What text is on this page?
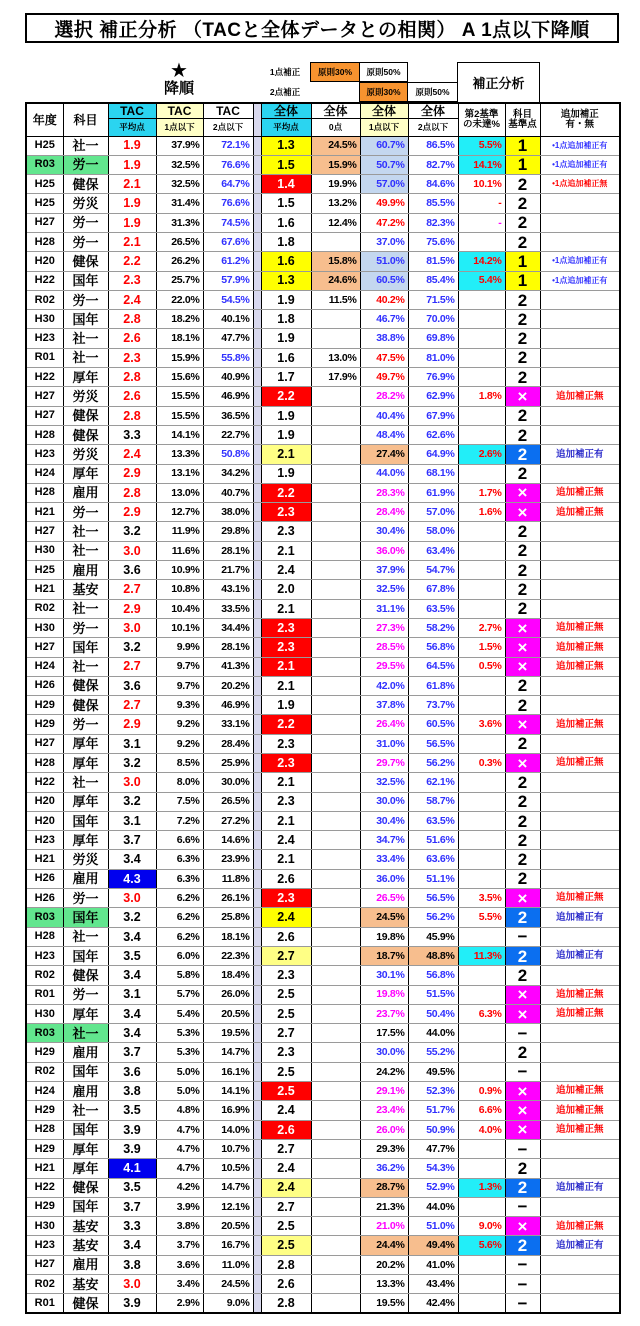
選択 補正分析 （TACと全体データとの相関） A 1点以下降順
★
降順
1点補正	原則30%	原則50%
2点補正	原則30%	原則50%
補正分析
年度	科目	TAC	TAC	TAC		全体	全体	全体	全体	第2基準
の未達%

科目
基準点

追加補正
有・無

		平均点	1点以下	2点以下		平均点	0点	1点以下	2点以下			
H25	社一	1.9	37.9%	72.1%		1.3	24.5%	60.7%	86.5%	5.5%	1	•1点追加補正有
R03	労一	1.9	32.5%	76.6%		1.5	15.9%	50.7%	82.7%	14.1%	1	•1点追加補正有
H25	健保	2.1	32.5%	64.7%		1.4	19.9%	57.0%	84.6%	10.1%	2	•1点追加補正無
H25	労災	1.9	31.4%	76.6%		1.5	13.2%	49.9%	85.5%	-	2	
H27	労一	1.9	31.3%	74.5%		1.6	12.4%	47.2%	82.3%	-	2	
H28	労一	2.1	26.5%	67.6%		1.8		37.0%	75.6%		2	
H20	健保	2.2	26.2%	61.2%		1.6	15.8%	51.0%	81.5%	14.2%	1	•1点追加補正有
H22	国年	2.3	25.7%	57.9%		1.3	24.6%	60.5%	85.4%	5.4%	1	•1点追加補正有
R02	労一	2.4	22.0%	54.5%		1.9	11.5%	40.2%	71.5%		2	
H30	国年	2.8	18.2%	40.1%		1.8		46.7%	70.0%		2	
H23	社一	2.6	18.1%	47.7%		1.9		38.8%	69.8%		2	
R01	社一	2.3	15.9%	55.8%		1.6	13.0%	47.5%	81.0%		2	
H22	厚年	2.8	15.6%	40.9%		1.7	17.9%	49.7%	76.9%		2	
H27	労災	2.6	15.5%	46.9%		2.2		28.2%	62.9%	1.8%	×	追加補正無
H27	健保	2.8	15.5%	36.5%		1.9		40.4%	67.9%		2	
H28	健保	3.3	14.1%	22.7%		1.9		48.4%	62.6%		2	
H23	労災	2.4	13.3%	50.8%		2.1		27.4%	64.9%	2.6%	2	追加補正有
H24	厚年	2.9	13.1%	34.2%		1.9		44.0%	68.1%		2	
H28	雇用	2.8	13.0%	40.7%		2.2		28.3%	61.9%	1.7%	×	追加補正無
H21	労一	2.9	12.7%	38.0%		2.3		28.4%	57.0%	1.6%	×	追加補正無
H27	社一	3.2	11.9%	29.8%		2.3		30.4%	58.0%		2	
H30	社一	3.0	11.6%	28.1%		2.1		36.0%	63.4%		2	
H25	雇用	3.6	10.9%	21.7%		2.4		37.9%	54.7%		2	
H21	基安	2.7	10.8%	43.1%		2.0		32.5%	67.8%		2	
R02	社一	2.9	10.4%	33.5%		2.1		31.1%	63.5%		2	
H30	労一	3.0	10.1%	34.4%		2.3		27.3%	58.2%	2.7%	×	追加補正無
H27	国年	3.2	9.9%	28.1%		2.3		28.5%	56.8%	1.5%	×	追加補正無
H24	社一	2.7	9.7%	41.3%		2.1		29.5%	64.5%	0.5%	×	追加補正無
H26	健保	3.6	9.7%	20.2%		2.1		42.0%	61.8%		2	
H29	健保	2.7	9.3%	46.9%		1.9		37.8%	73.7%		2	
H29	労一	2.9	9.2%	33.1%		2.2		26.4%	60.5%	3.6%	×	追加補正無
H27	厚年	3.1	9.2%	28.4%		2.3		31.0%	56.5%		2	
H28	厚年	3.2	8.5%	25.9%		2.3		29.7%	56.2%	0.3%	×	追加補正無
H22	社一	3.0	8.0%	30.0%		2.1		32.5%	62.1%		2	
H20	厚年	3.2	7.5%	26.5%		2.3		30.0%	58.7%		2	
H20	国年	3.1	7.2%	27.2%		2.1		30.4%	63.5%		2	
H23	厚年	3.7	6.6%	14.6%		2.4		34.7%	51.6%		2	
H21	労災	3.4	6.3%	23.9%		2.1		33.4%	63.6%		2	
H26	雇用	4.3	6.3%	11.8%		2.6		36.0%	51.1%		2	
H26	労一	3.0	6.2%	26.1%		2.3		26.5%	56.5%	3.5%	×	追加補正無
R03	国年	3.2	6.2%	25.8%		2.4		24.5%	56.2%	5.5%	2	追加補正有
H28	社一	3.4	6.2%	18.1%		2.6		19.8%	45.9%		−	
H23	国年	3.5	6.0%	22.3%		2.7		18.7%	48.8%	11.3%	2	追加補正有
R02	健保	3.4	5.8%	18.4%		2.3		30.1%	56.8%		2	
R01	労一	3.1	5.7%	26.0%		2.5		19.8%	51.5%		×	追加補正無
H30	厚年	3.4	5.4%	20.5%		2.5		23.7%	50.4%	6.3%	×	追加補正無
R03	社一	3.4	5.3%	19.5%		2.7		17.5%	44.0%		−	
H29	雇用	3.7	5.3%	14.7%		2.3		30.0%	55.2%		2	
R02	国年	3.6	5.0%	16.1%		2.5		24.2%	49.5%		−	
H24	雇用	3.8	5.0%	14.1%		2.5		29.1%	52.3%	0.9%	×	追加補正無
H29	社一	3.5	4.8%	16.9%		2.4		23.4%	51.7%	6.6%	×	追加補正無
H28	国年	3.9	4.7%	14.0%		2.6		26.0%	50.9%	4.0%	×	追加補正無
H29	厚年	3.9	4.7%	10.7%		2.7		29.3%	47.7%		−	
H21	厚年	4.1	4.7%	10.5%		2.4		36.2%	54.3%		2	
H22	健保	3.5	4.2%	14.7%		2.4		28.7%	52.9%	1.3%	2	追加補正有
H29	国年	3.7	3.9%	12.1%		2.7		21.3%	44.0%		−	
H30	基安	3.3	3.8%	20.5%		2.5		21.0%	51.0%	9.0%	×	追加補正無
H23	基安	3.4	3.7%	16.7%		2.5		24.4%	49.4%	5.6%	2	追加補正有
H27	雇用	3.8	3.6%	11.0%		2.8		20.2%	41.0%		−	
R02	基安	3.0	3.4%	24.5%		2.6		13.3%	43.4%		−	
R01	健保	3.9	2.9%	9.0%		2.8		19.5%	42.4%		−	
